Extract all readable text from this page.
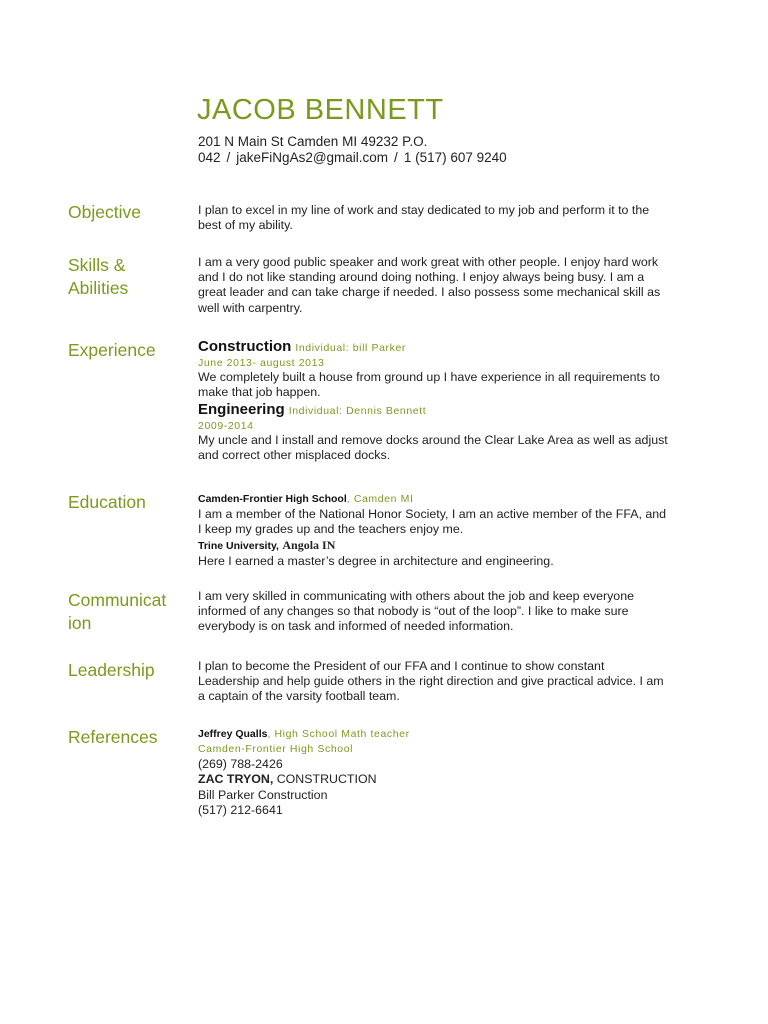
JACOB BENNETT
201 N Main St Camden MI 49232 P.O.
042 / jakeFiNgAs2@gmail.com / 1 (517) 607 9240
Objective	I plan to excel in my line of work and stay dedicated to my job and perform it to the best of my ability.

Skills &
Abilities

I am a very good public speaker and work great with other people. I enjoy hard work and I do not like standing around doing nothing. I enjoy always being busy. I am a great leader and can take charge if needed. I also possess some mechanical skill as well with carpentry.

Experience	Construction Individual: bill Parker
June 2013- august 2013

We completely built a house from ground up I have experience in all requirements to make that job happen.

Engineering Individual: Dennis Bennett
2009-2014

My uncle and I install and remove docks around the Clear Lake Area as well as adjust and correct other misplaced docks.

Education	Camden-Frontier High School, Camden MI

I am a member of the National Honor Society, I am an active member of the FFA, and I keep my grades up and the teachers enjoy me.

Trine University, Angola IN

Here I earned a master’s degree in architecture and engineering.

Communicat
ion

I am very skilled in communicating with others about the job and keep everyone informed of any changes so that nobody is “out of the loop”. I like to make sure everybody is on task and informed of needed information.

Leadership	I plan to become the President of our FFA and I continue to show constant Leadership and help guide others in the right direction and give practical advice. I am a captain of the varsity football team.

References	Jeffrey Qualls, High School Math teacher
Camden-Frontier High School
(269) 788-2426
ZAC TRYON, CONSTRUCTION
Bill Parker Construction
(517) 212-6641
